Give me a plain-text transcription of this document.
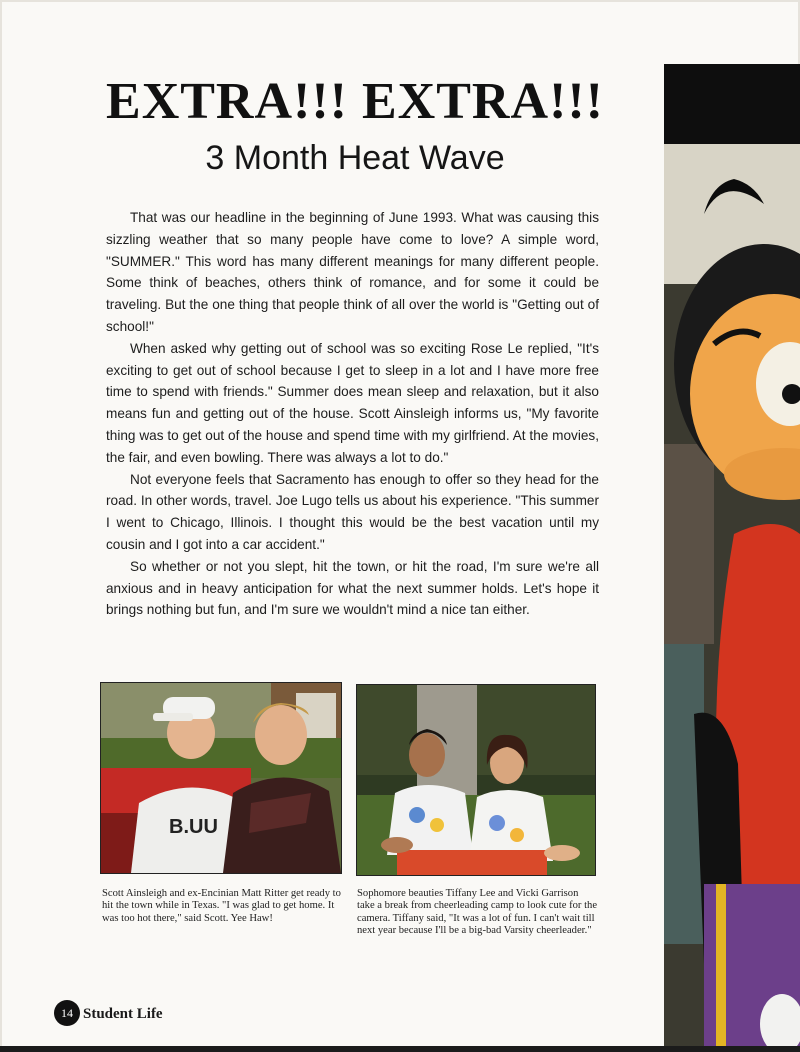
EXTRA!!! EXTRA!!!
3 Month Heat Wave

That was our headline in the beginning of June 1993. What was causing this sizzling weather that so many people have come to love? A simple word, "SUMMER." This word has many different meanings for many different people. Some think of beaches, others think of romance, and for some it could be traveling. But the one thing that people think of all over the world is "Getting out of school!"

When asked why getting out of school was so exciting Rose Le replied, "It's exciting to get out of school because I get to sleep in a lot and I have more free time to spend with friends." Summer does mean sleep and relaxation, but it also means fun and getting out of the house. Scott Ainsleigh informs us, "My favorite thing was to get out of the house and spend time with my girlfriend. At the movies, the fair, and even bowling. There was always a lot to do."

Not everyone feels that Sacramento has enough to offer so they head for the road. In other words, travel. Joe Lugo tells us about his experience. "This summer I went to Chicago, Illinois. I thought this would be the best vacation until my cousin and I got into a car accident."

So whether or not you slept, hit the town, or hit the road, I'm sure we're all anxious and in heavy anticipation for what the next summer holds. Let's hope it brings nothing but fun, and I'm sure we wouldn't mind a nice tan either.

B.UU
Scott Ainsleigh and ex-Encinian Matt Ritter get ready to hit the town while in Texas. "I was glad to get home. It was too hot there," said Scott. Yee Haw!
Sophomore beauties Tiffany Lee and Vicki Garrison take a break from cheerleading camp to look cute for the camera. Tiffany said, "It was a lot of fun. I can't wait till next year because I'll be a big-bad Varsity cheerleader."
14 Student Life
